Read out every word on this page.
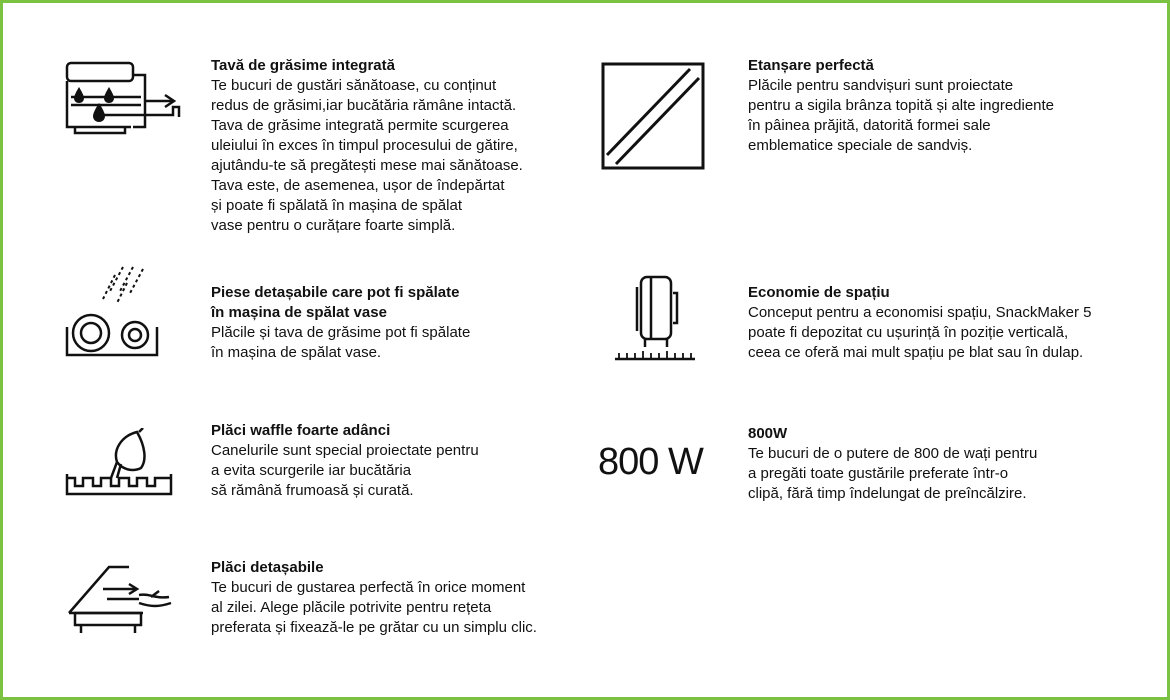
Tavă de grăsime integrată
Te bucuri de gustări sănătoase, cu conținut
redus de grăsimi,iar bucătăria rămâne intactă.
Tava de grăsime integrată permite scurgerea
uleiului în exces în timpul procesului de gătire,
ajutându-te să pregătești mese mai sănătoase.
Tava este, de asemenea, ușor de îndepărtat
și poate fi spălată în mașina de spălat
vase pentru o curățare foarte simplă.
Piese detașabile care pot fi spălate
în mașina de spălat vase
Plăcile și tava de grăsime pot fi spălate
în mașina de spălat vase.
Plăci waffle foarte adânci
Canelurile sunt special proiectate pentru
a evita scurgerile iar bucătăria
să rămână frumoasă și curată.
Plăci detașabile
Te bucuri de gustarea perfectă în orice moment
al zilei. Alege plăcile potrivite pentru rețeta
preferata și fixează-le pe grătar cu un simplu clic.
Etanșare perfectă
Plăcile pentru sandvișuri sunt proiectate
pentru a sigila brânza topită și alte ingrediente
în pâinea prăjită, datorită formei sale
emblematice speciale de sandviș.
Economie de spațiu
Conceput pentru a economisi spațiu, SnackMaker 5
poate fi depozitat cu ușurință în poziție verticală,
ceea ce oferă mai mult spațiu pe blat sau în dulap.
800 W
800W
Te bucuri de o putere de 800 de wați pentru
a pregăti toate gustările preferate într-o
clipă, fără timp îndelungat de preîncălzire.
